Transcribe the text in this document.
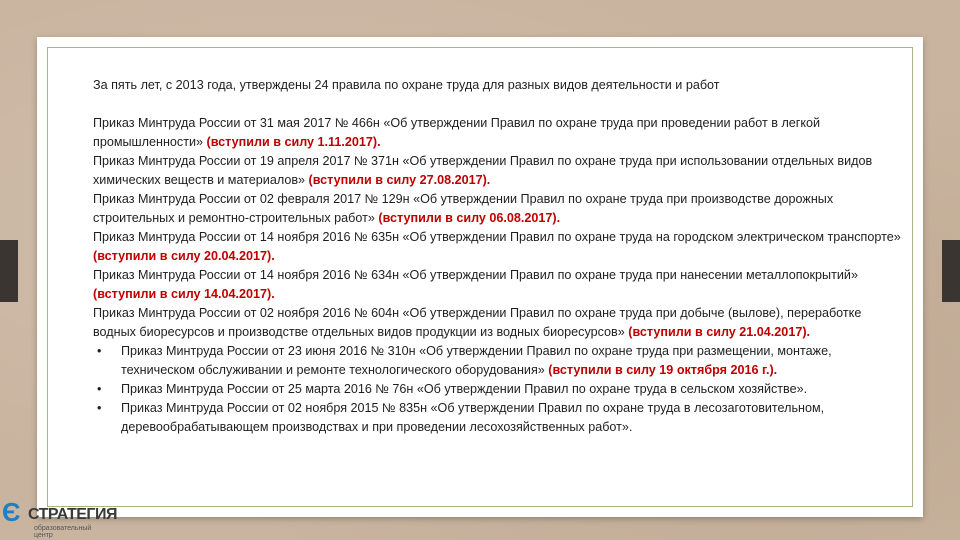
За пять лет, с 2013 года, утверждены 24 правила по охране труда для разных видов деятельности и работ

Приказ Минтруда России от 31 мая 2017 № 466н «Об утверждении Правил по охране труда при проведении работ в легкой промышленности» (вступили в силу 1.11.2017).

Приказ Минтруда России от 19 апреля 2017 № 371н «Об утверждении Правил по охране труда при использовании отдельных видов химических веществ и материалов» (вступили в силу 27.08.2017).

Приказ Минтруда России от 02 февраля 2017 № 129н «Об утверждении Правил по охране труда при производстве дорожных строительных и ремонтно-строительных работ» (вступили в силу 06.08.2017).

Приказ Минтруда России от 14 ноября 2016 № 635н «Об утверждении Правил по охране труда на городском электрическом транспорте» (вступили в силу 20.04.2017).

Приказ Минтруда России от 14 ноября 2016 № 634н «Об утверждении Правил по охране труда при нанесении металлопокрытий» (вступили в силу 14.04.2017).

Приказ Минтруда России от 02 ноября 2016 № 604н «Об утверждении Правил по охране труда при добыче (вылове), переработке водных биоресурсов и производстве отдельных видов продукции из водных биоресурсов» (вступили в силу 21.04.2017).

• Приказ Минтруда России от 23 июня 2016 № 310н «Об утверждении Правил по охране труда при размещении, монтаже, техническом обслуживании и ремонте технологического оборудования» (вступили в силу 19 октября 2016 г.).

• Приказ Минтруда России от 25 марта 2016 № 76н «Об утверждении Правил по охране труда в сельском хозяйстве».

• Приказ Минтруда России от 02 ноября 2015 № 835н «Об утверждении Правил по охране труда в лесозаготовительном, деревообрабатывающем производствах и при проведении лесохозяйственных работ».

Є СТРАТЕГИЯ
образовательный центр
